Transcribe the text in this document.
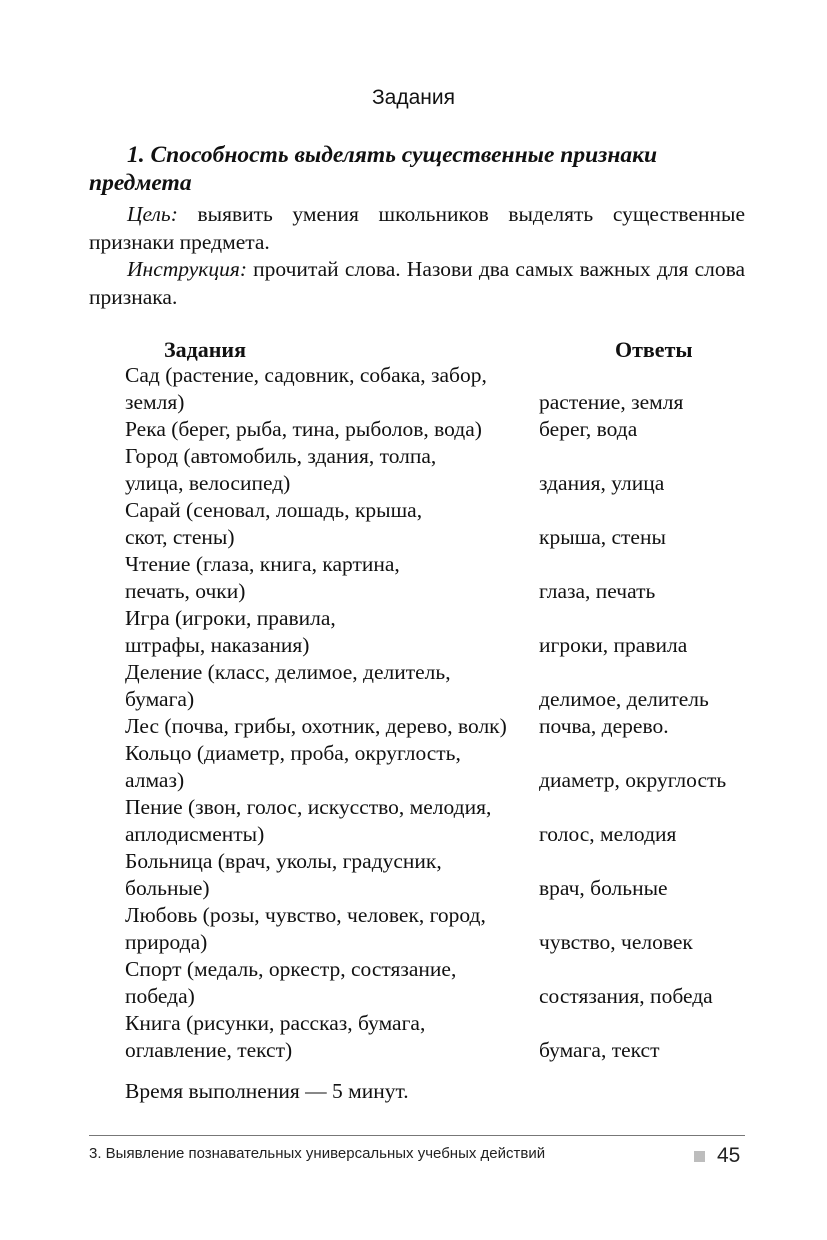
Задания

1. Способность выделять существенные признаки предмета

Цель: выявить умения школьников выделять существенные признаки предмета.

Инструкция: прочитай слова. Назови два самых важных для слова признака.

Задания	Ответы
Сад (растение, садовник, собака, забор,
земля)	растение, земля
Река (берег, рыба, тина, рыболов, вода)	берег, вода
Город (автомобиль, здания, толпа,
улица, велосипед)	здания, улица
Сарай (сеновал, лошадь, крыша,
скот, стены)	крыша, стены
Чтение (глаза, книга, картина,
печать, очки)	глаза, печать
Игра (игроки, правила,
штрафы, наказания)	игроки, правила
Деление (класс, делимое, делитель,
бумага)	делимое, делитель
Лес (почва, грибы, охотник, дерево, волк)	почва, дерево.
Кольцо (диаметр, проба, округлость,
алмаз)	диаметр, округлость
Пение (звон, голос, искусство, мелодия,
аплодисменты)	голос, мелодия
Больница (врач, уколы, градусник,
больные)	врач, больные
Любовь (розы, чувство, человек, город,
природа)	чувство, человек
Спорт (медаль, оркестр, состязание,
победа)	состязания, победа
Книга (рисунки, рассказ, бумага,
оглавление, текст)	бумага, текст
Время выполнения — 5 минут.
3. Выявление познавательных универсальных учебных действий	45
